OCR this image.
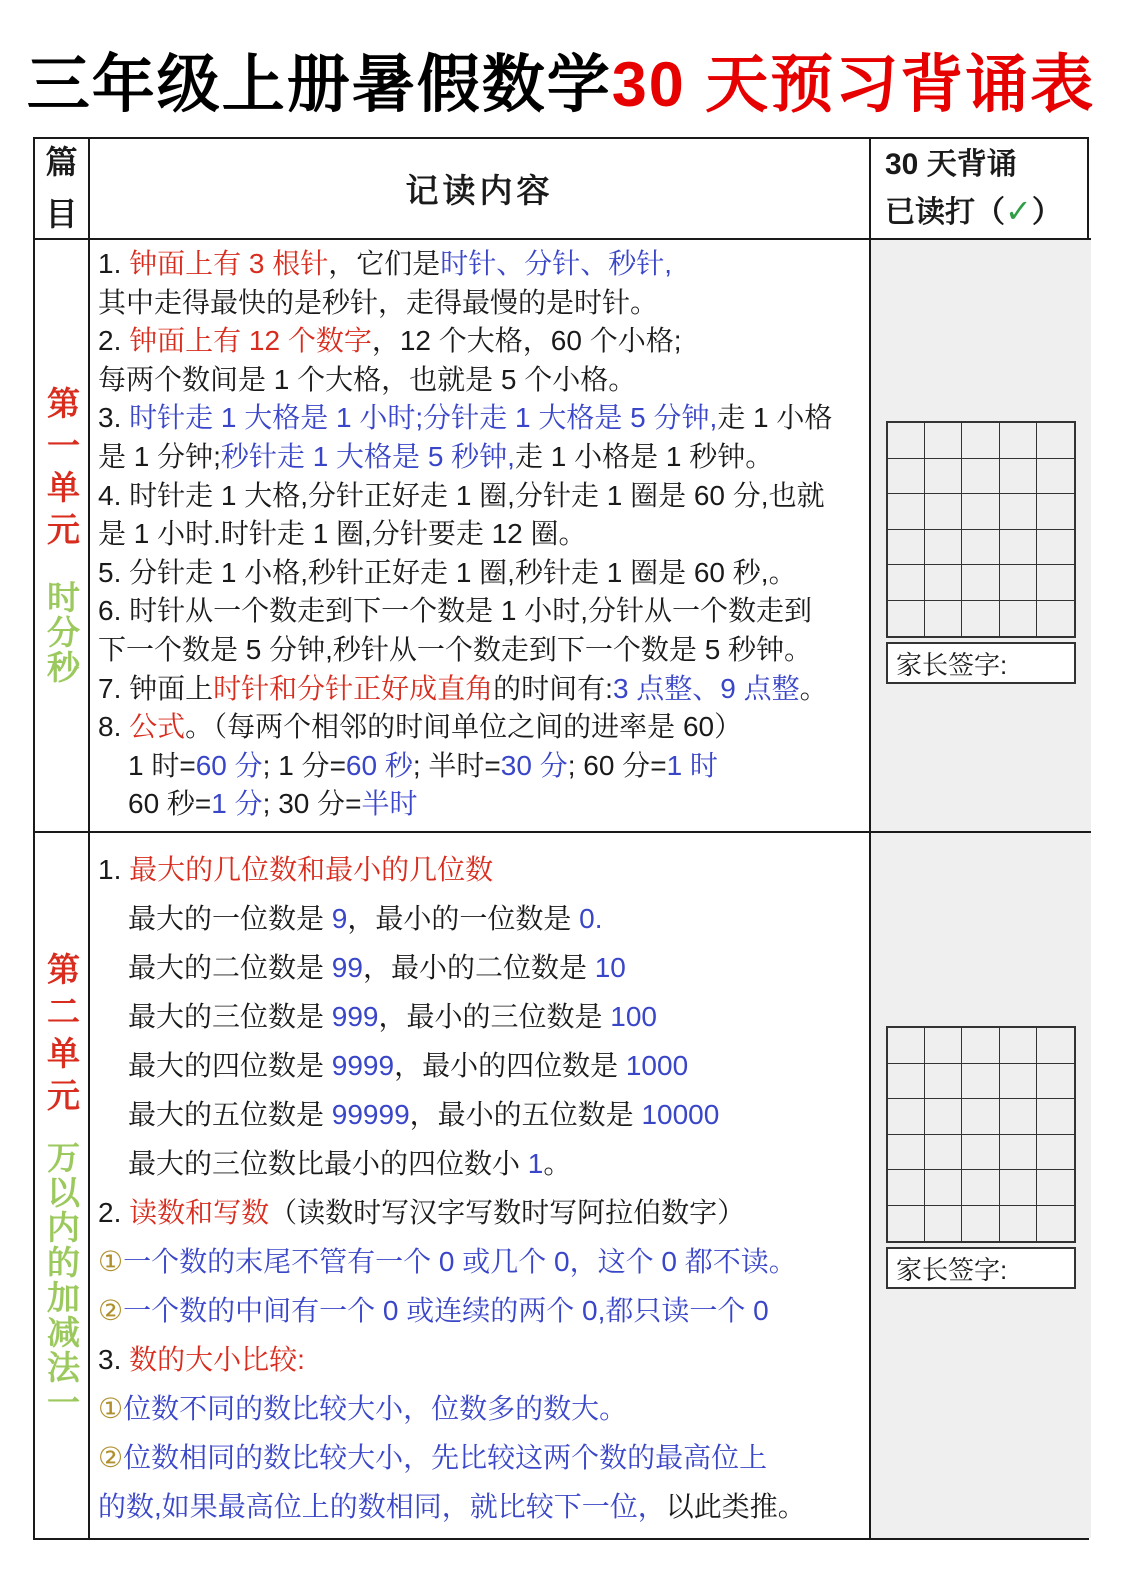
三年级上册暑假数学30 天预习背诵表
篇目
记读内容
30 天背诵
已读打（✓）
第一单元
时分秒
1. 钟面上有 3 根针，它们是时针、分针、秒针,
其中走得最快的是秒针，走得最慢的是时针。
2. 钟面上有 12 个数字，12 个大格，60 个小格;
每两个数间是 1 个大格，也就是 5 个小格。
3. 时针走 1 大格是 1 小时;分针走 1 大格是 5 分钟,走 1 小格
是 1 分钟;秒针走 1 大格是 5 秒钟,走 1 小格是 1 秒钟。
4. 时针走 1 大格,分针正好走 1 圈,分针走 1 圈是 60 分,也就
是 1 小时.时针走 1 圈,分针要走 12 圈。
5. 分针走 1 小格,秒针正好走 1 圈,秒针走 1 圈是 60 秒,。
6. 时针从一个数走到下一个数是 1 小时,分针从一个数走到
下一个数是 5 分钟,秒针从一个数走到下一个数是 5 秒钟。
7. 钟面上时针和分针正好成直角的时间有:3 点整、9 点整。
8. 公式。（每两个相邻的时间单位之间的进率是 60）
1 时=60 分; 1 分=60 秒; 半时=30 分; 60 分=1 时
60 秒=1 分; 30 分=半时
家长签字:
第二单元
万以内的加减法一
1. 最大的几位数和最小的几位数
最大的一位数是 9，最小的一位数是 0.
最大的二位数是 99，最小的二位数是 10
最大的三位数是 999，最小的三位数是 100
最大的四位数是 9999，最小的四位数是 1000
最大的五位数是 99999，最小的五位数是 10000
最大的三位数比最小的四位数小 1。
2. 读数和写数（读数时写汉字写数时写阿拉伯数字）
①一个数的末尾不管有一个 0 或几个 0，这个 0 都不读。
②一个数的中间有一个 0 或连续的两个 0,都只读一个 0
3. 数的大小比较:
①位数不同的数比较大小，位数多的数大。
②位数相同的数比较大小，先比较这两个数的最高位上
的数,如果最高位上的数相同，就比较下一位，以此类推。
家长签字:
